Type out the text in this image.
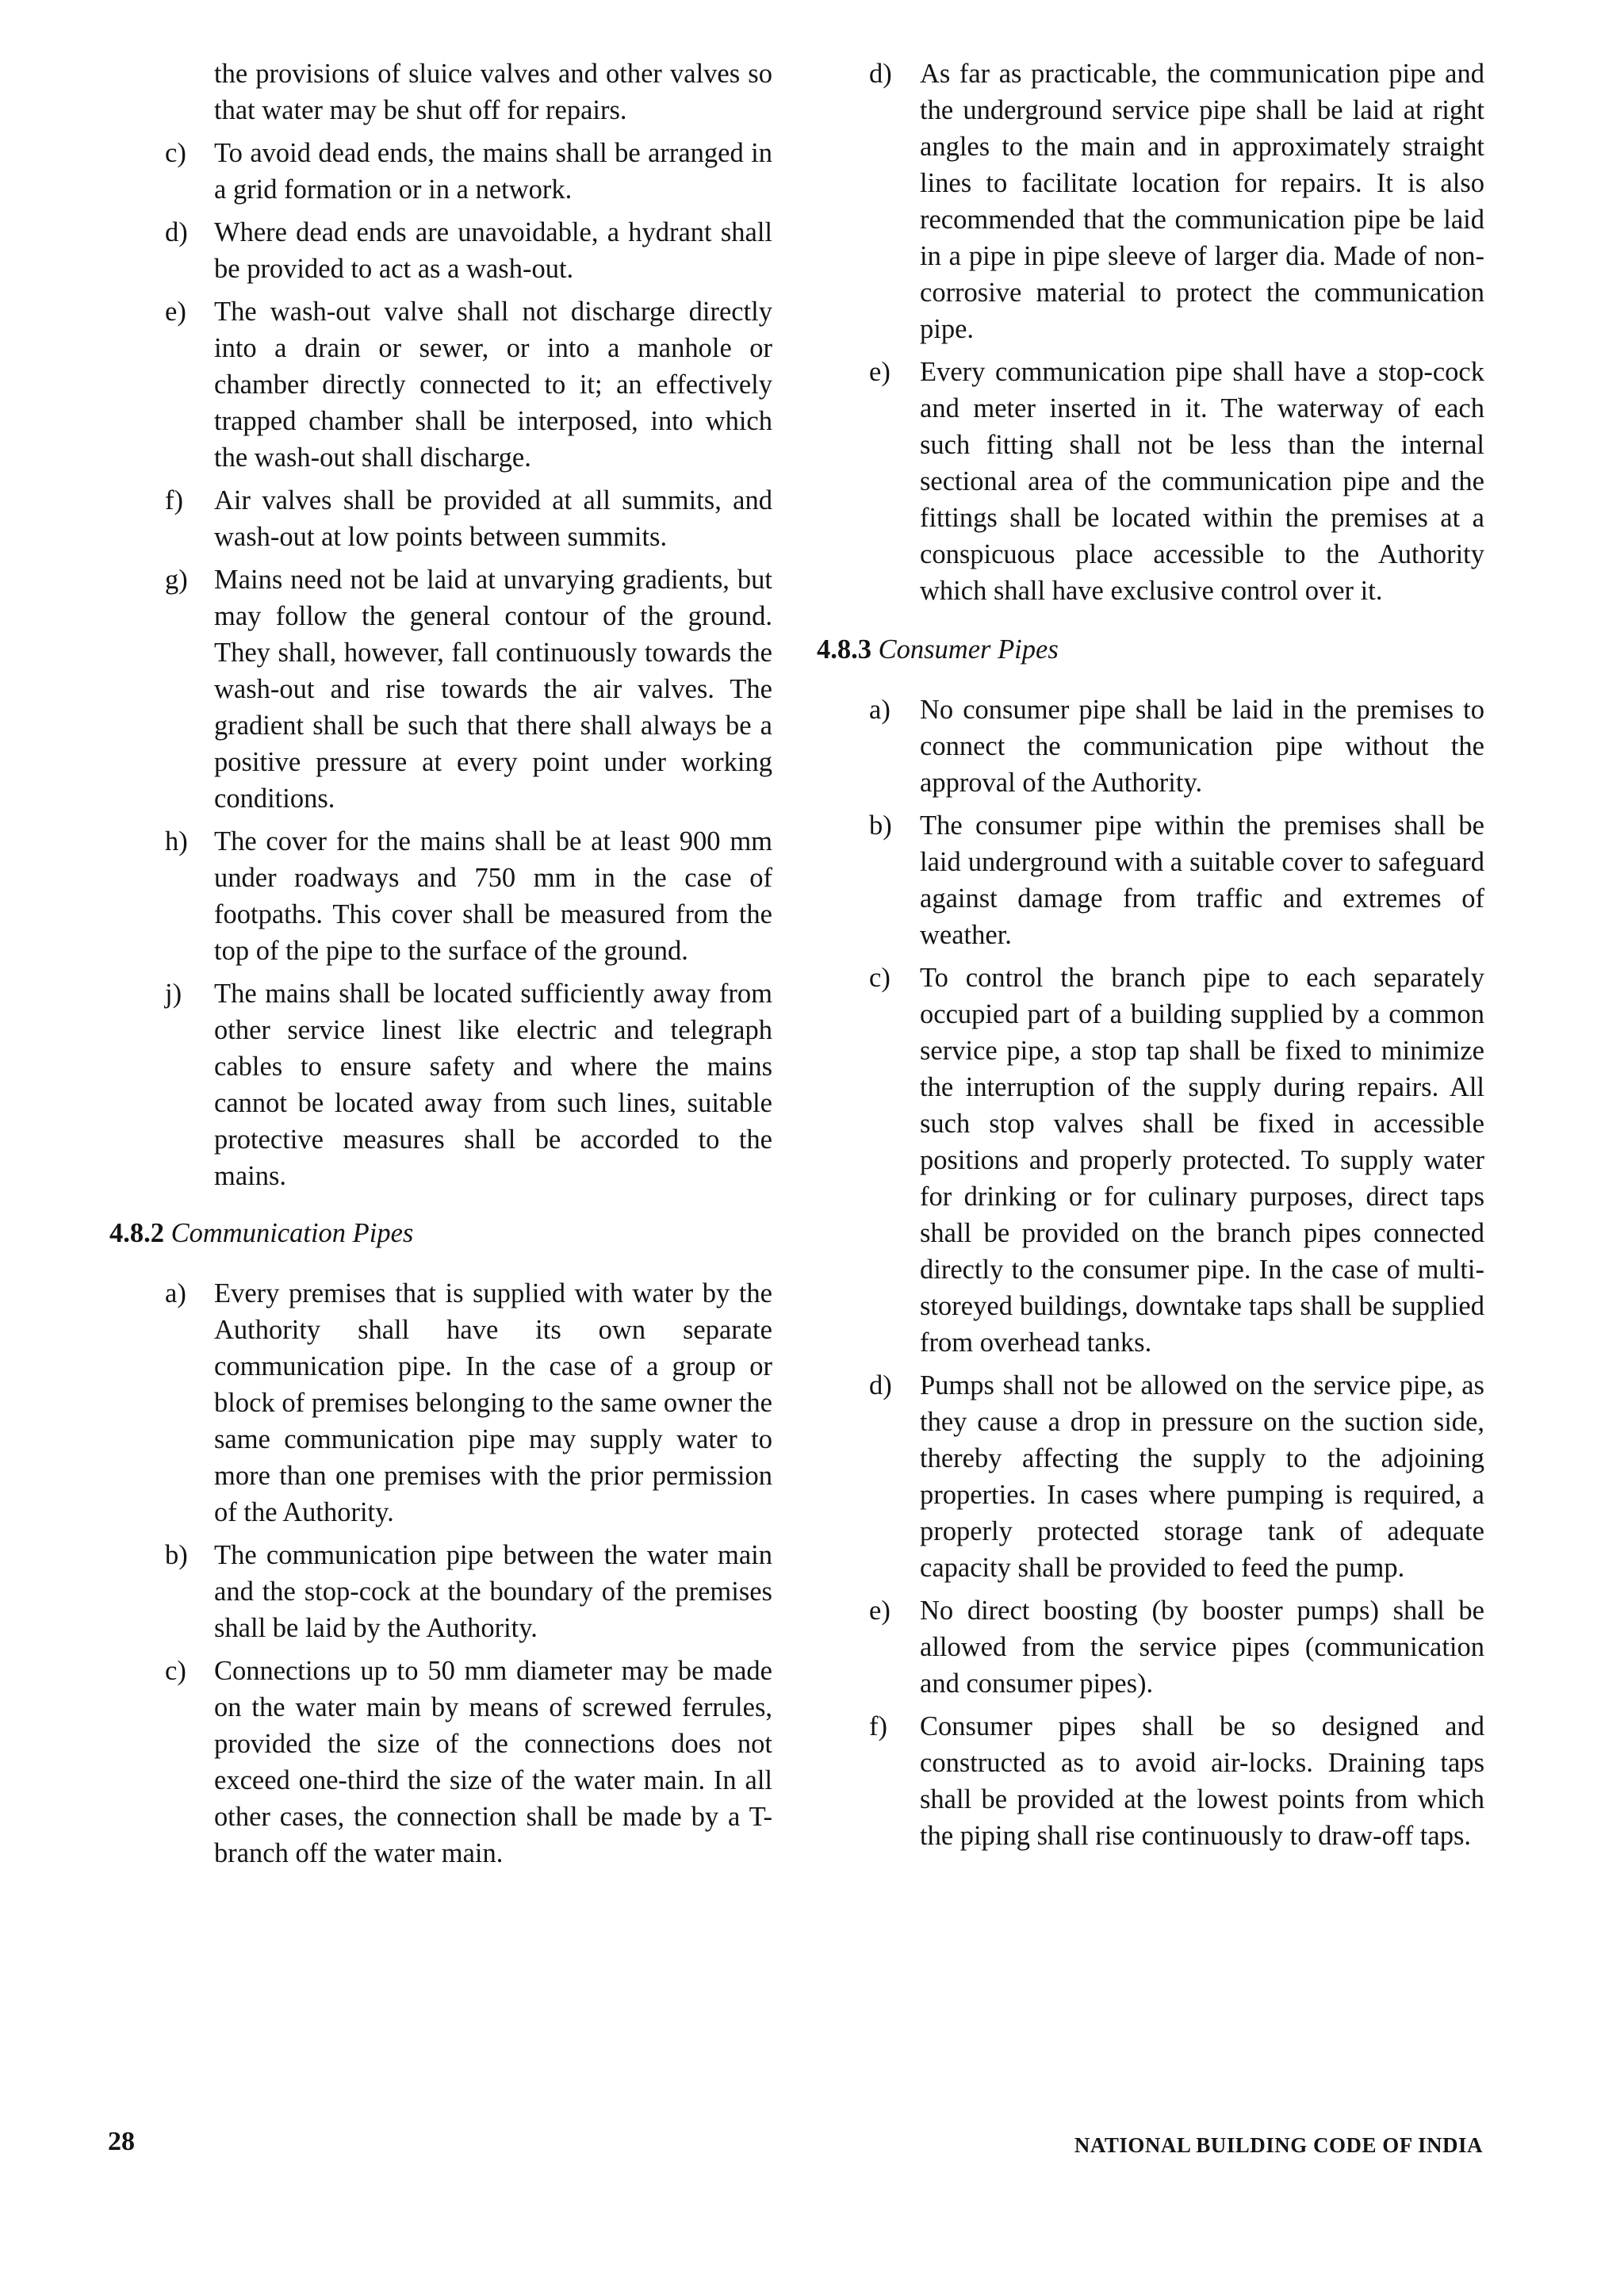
the provisions of sluice valves and other valves so that water may be shut off for repairs.
c) To avoid dead ends, the mains shall be arranged in a grid formation or in a network.
d) Where dead ends are unavoidable, a hydrant shall be provided to act as a wash-out.
e) The wash-out valve shall not discharge directly into a drain or sewer, or into a manhole or chamber directly connected to it; an effectively trapped chamber shall be interposed, into which the wash-out shall discharge.
f) Air valves shall be provided at all summits, and wash-out at low points between summits.
g) Mains need not be laid at unvarying gradients, but may follow the general contour of the ground. They shall, however, fall continuously towards the wash-out and rise towards the air valves. The gradient shall be such that there shall always be a positive pressure at every point under working conditions.
h) The cover for the mains shall be at least 900 mm under roadways and 750 mm in the case of footpaths. This cover shall be measured from the top of the pipe to the surface of the ground.
j) The mains shall be located sufficiently away from other service linest like electric and telegraph cables to ensure safety and where the mains cannot be located away from such lines, suitable protective measures shall be accorded to the mains.
4.8.2 Communication Pipes
a) Every premises that is supplied with water by the Authority shall have its own separate communication pipe. In the case of a group or block of premises belonging to the same owner the same communication pipe may supply water to more than one premises with the prior permission of the Authority.
b) The communication pipe between the water main and the stop-cock at the boundary of the premises shall be laid by the Authority.
c) Connections up to 50 mm diameter may be made on the water main by means of screwed ferrules, provided the size of the connections does not exceed one-third the size of the water main. In all other cases, the connection shall be made by a T-branch off the water main.
d) As far as practicable, the communication pipe and the underground service pipe shall be laid at right angles to the main and in approximately straight lines to facilitate location for repairs. It is also recommended that the communication pipe be laid in a pipe in pipe sleeve of larger dia. Made of non-corrosive material to protect the communication pipe.
e) Every communication pipe shall have a stop-cock and meter inserted in it. The waterway of each such fitting shall not be less than the internal sectional area of the communication pipe and the fittings shall be located within the premises at a conspicuous place accessible to the Authority which shall have exclusive control over it.
4.8.3 Consumer Pipes
a) No consumer pipe shall be laid in the premises to connect the communication pipe without the approval of the Authority.
b) The consumer pipe within the premises shall be laid underground with a suitable cover to safeguard against damage from traffic and extremes of weather.
c) To control the branch pipe to each separately occupied part of a building supplied by a common service pipe, a stop tap shall be fixed to minimize the interruption of the supply during repairs. All such stop valves shall be fixed in accessible positions and properly protected. To supply water for drinking or for culinary purposes, direct taps shall be provided on the branch pipes connected directly to the consumer pipe. In the case of multi-storeyed buildings, downtake taps shall be supplied from overhead tanks.
d) Pumps shall not be allowed on the service pipe, as they cause a drop in pressure on the suction side, thereby affecting the supply to the adjoining properties. In cases where pumping is required, a properly protected storage tank of adequate capacity shall be provided to feed the pump.
e) No direct boosting (by booster pumps) shall be allowed from the service pipes (communication and consumer pipes).
f) Consumer pipes shall be so designed and constructed as to avoid air-locks. Draining taps shall be provided at the lowest points from which the piping shall rise continuously to draw-off taps.
28	NATIONAL BUILDING CODE OF INDIA
